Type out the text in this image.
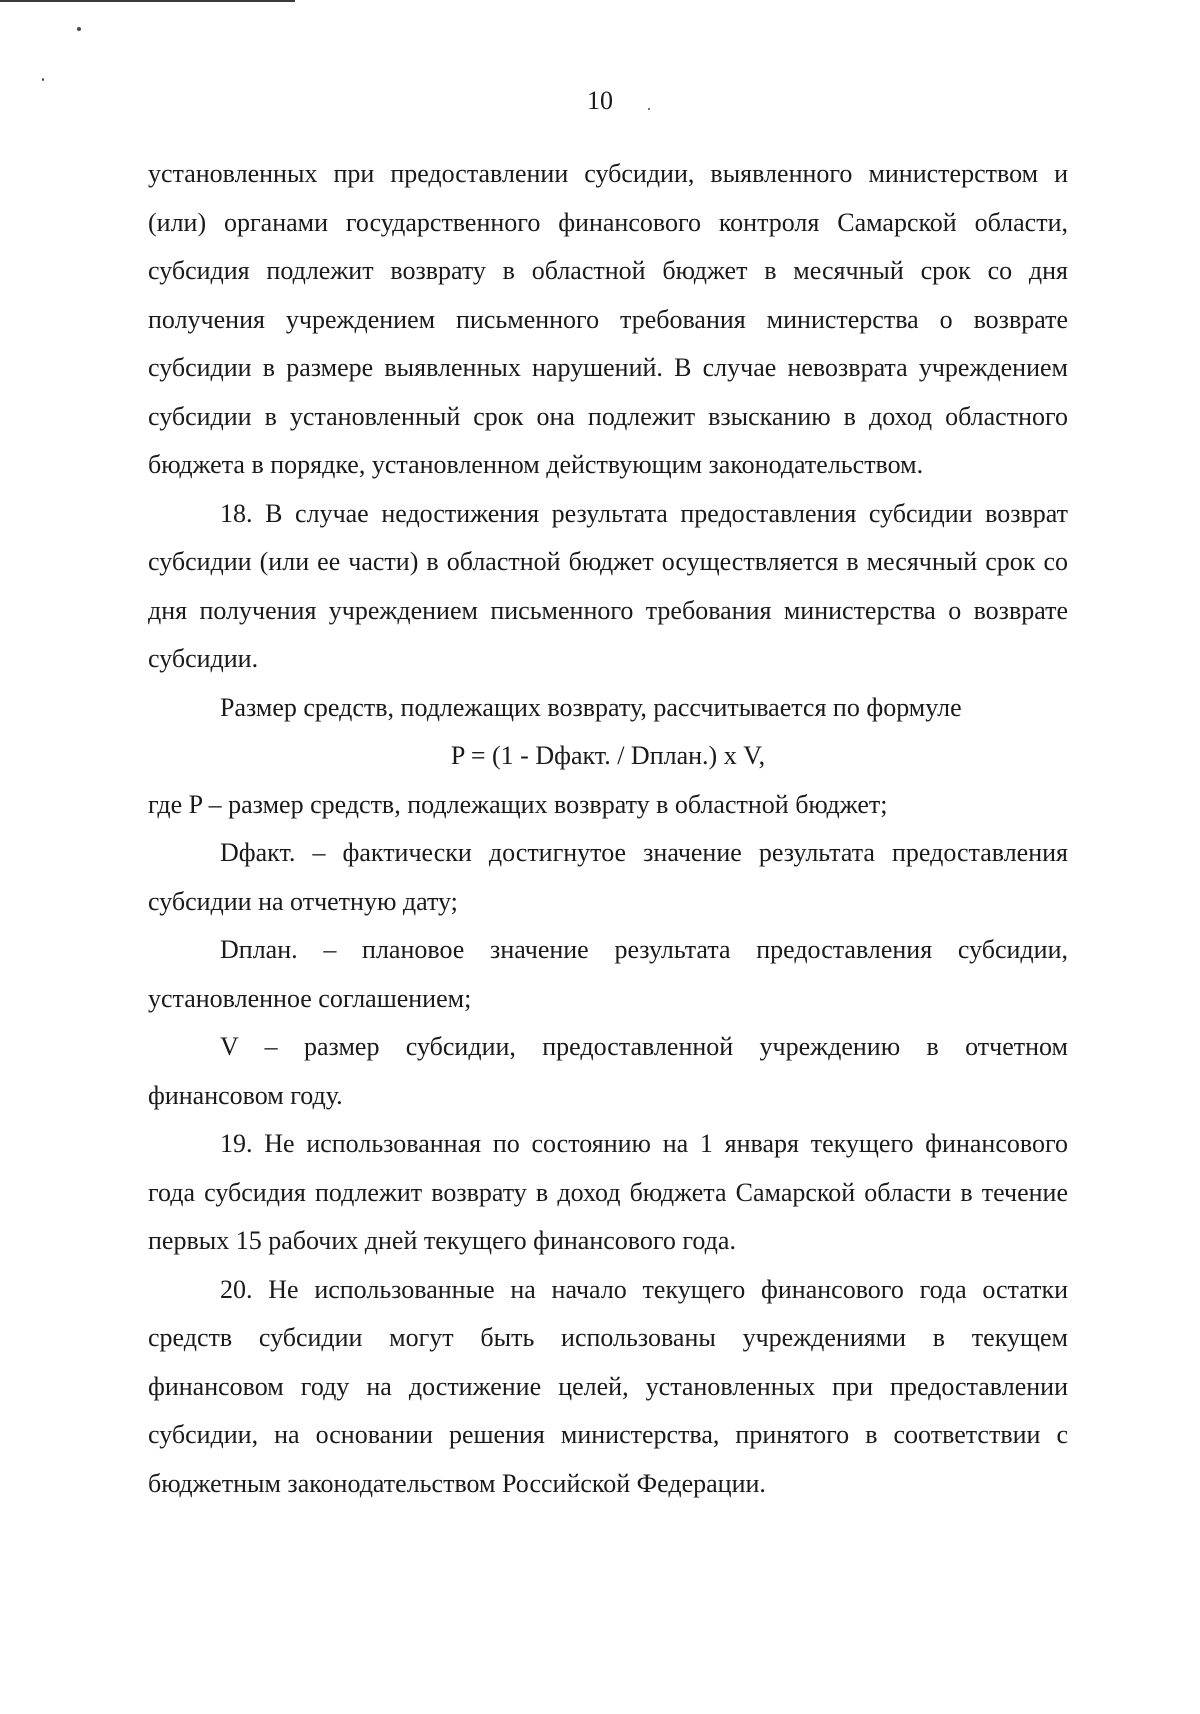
10

установленных при предоставлении субсидии, выявленного министерством и (или) органами государственного финансового контроля Самарской области, субсидия подлежит возврату в областной бюджет в месячный срок со дня получения учреждением письменного требования министерства о возврате субсидии в размере выявленных нарушений. В случае невозврата учреждением субсидии в установленный срок она подлежит взысканию в доход областного бюджета в порядке, установленном действующим законодательством.

18. В случае недостижения результата предоставления субсидии возврат субсидии (или ее части) в областной бюджет осуществляется в месячный срок со дня получения учреждением письменного требования министерства о возврате субсидии.

Размер средств, подлежащих возврату, рассчитывается по формуле

P = (1 - Dфакт. / Dплан.) х V,

где P – размер средств, подлежащих возврату в областной бюджет;

Dфакт. – фактически достигнутое значение результата предоставления субсидии на отчетную дату;

Dплан. – плановое значение результата предоставления субсидии, установленное соглашением;

V – размер субсидии, предоставленной учреждению в отчетном финансовом году.

19. Не использованная по состоянию на 1 января текущего финансового года субсидия подлежит возврату в доход бюджета Самарской области в течение первых 15 рабочих дней текущего финансового года.

20. Не использованные на начало текущего финансового года остатки средств субсидии могут быть использованы учреждениями в текущем финансовом году на достижение целей, установленных при предоставлении субсидии, на основании решения министерства, принятого в соответствии с бюджетным законодательством Российской Федерации.
